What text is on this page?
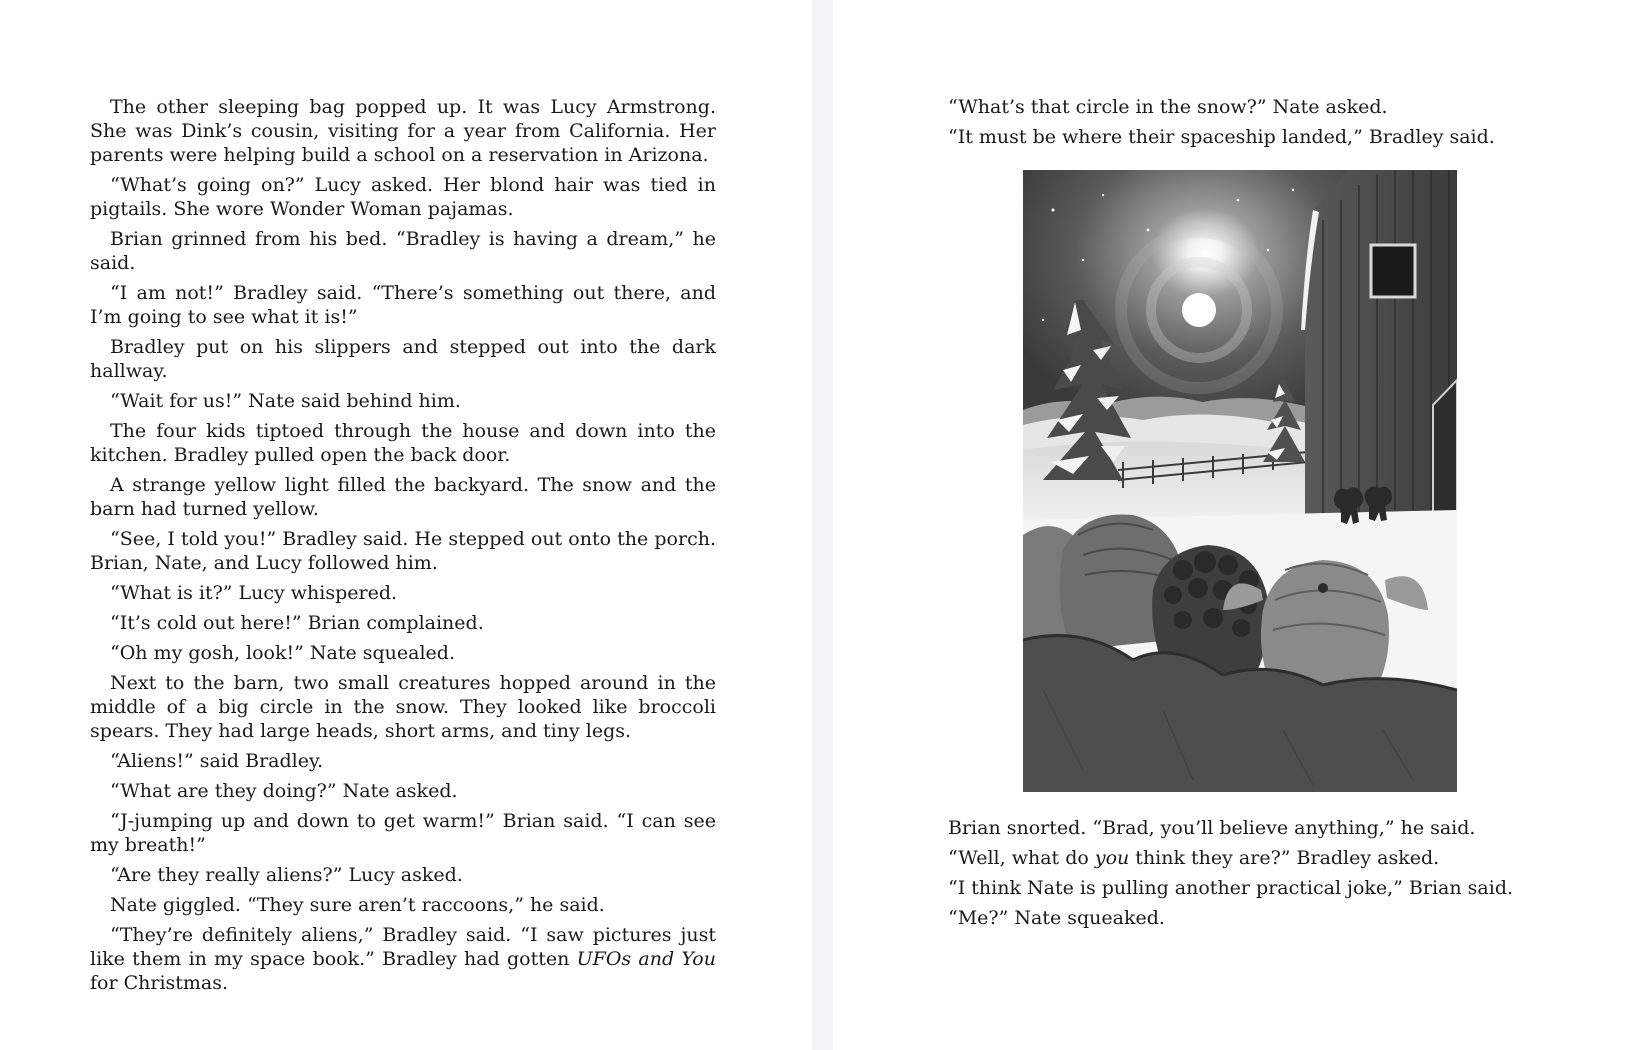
The other sleeping bag popped up. It was Lucy Armstrong. She was Dink’s cousin, visiting for a year from California. Her parents were helping build a school on a reservation in Arizona.

“What’s going on?” Lucy asked. Her blond hair was tied in pigtails. She wore Wonder Woman pajamas.

Brian grinned from his bed. “Bradley is having a dream,” he said.

“I am not!” Bradley said. “There’s something out there, and I’m going to see what it is!”

Bradley put on his slippers and stepped out into the dark hallway.

“Wait for us!” Nate said behind him.

The four kids tiptoed through the house and down into the kitchen. Bradley pulled open the back door.

A strange yellow light filled the backyard. The snow and the barn had turned yellow.

“See, I told you!” Bradley said. He stepped out onto the porch. Brian, Nate, and Lucy followed him.

“What is it?” Lucy whispered.

“It’s cold out here!” Brian complained.

“Oh my gosh, look!” Nate squealed.

Next to the barn, two small creatures hopped around in the middle of a big circle in the snow. They looked like broccoli spears. They had large heads, short arms, and tiny legs.

“Aliens!” said Bradley.

“What are they doing?” Nate asked.

“J-jumping up and down to get warm!” Brian said. “I can see my breath!”

“Are they really aliens?” Lucy asked.

Nate giggled. “They sure aren’t raccoons,” he said.

“They’re definitely aliens,” Bradley said. “I saw pictures just like them in my space book.” Bradley had gotten UFOs and You for Christmas.

“What’s that circle in the snow?” Nate asked.

“It must be where their spaceship landed,” Bradley said.

Brian snorted. “Brad, you’ll believe anything,” he said.

“Well, what do you think they are?” Bradley asked.

“I think Nate is pulling another practical joke,” Brian said.

“Me?” Nate squeaked.
